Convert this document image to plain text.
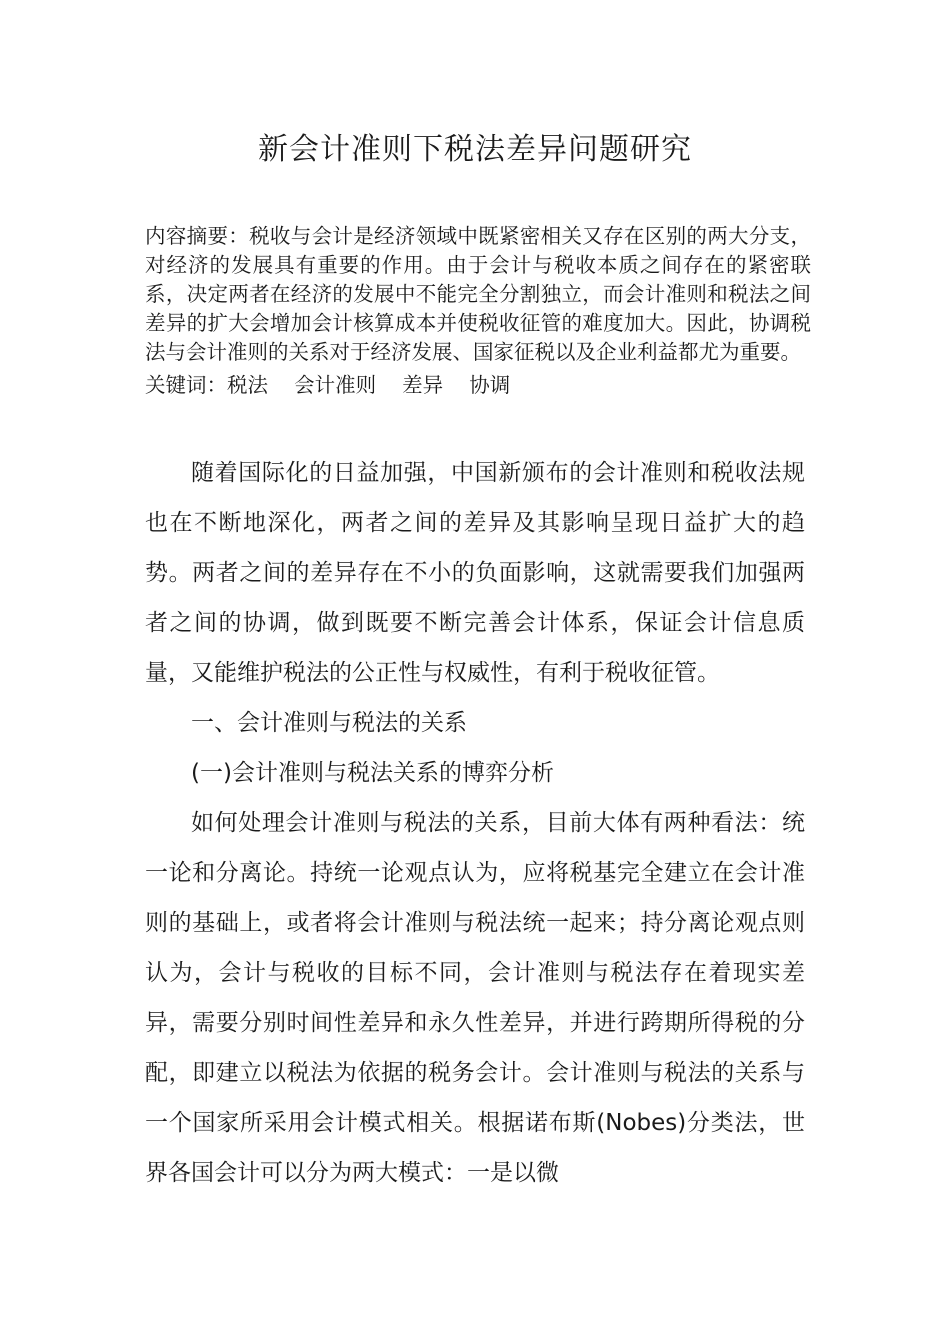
新会计准则下税法差异问题研究

内容摘要：税收与会计是经济领域中既紧密相关又存在区别的两大分支，对经济的发展具有重要的作用。由于会计与税收本质之间存在的紧密联系，决定两者在经济的发展中不能完全分割独立，而会计准则和税法之间差异的扩大会增加会计核算成本并使税收征管的难度加大。因此，协调税法与会计准则的关系对于经济发展、国家征税以及企业利益都尤为重要。

关键词：税法    会计准则    差异    协调

随着国际化的日益加强，中国新颁布的会计准则和税收法规也在不断地深化，两者之间的差异及其影响呈现日益扩大的趋势。两者之间的差异存在不小的负面影响，这就需要我们加强两者之间的协调，做到既要不断完善会计体系，保证会计信息质量，又能维护税法的公正性与权威性，有利于税收征管。

一、会计准则与税法的关系

(一)会计准则与税法关系的博弈分析

如何处理会计准则与税法的关系，目前大体有两种看法：统一论和分离论。持统一论观点认为，应将税基完全建立在会计准则的基础上，或者将会计准则与税法统一起来；持分离论观点则认为，会计与税收的目标不同，会计准则与税法存在着现实差异，需要分别时间性差异和永久性差异，并进行跨期所得税的分配，即建立以税法为依据的税务会计。会计准则与税法的关系与一个国家所采用会计模式相关。根据诺布斯(Nobes)分类法，世界各国会计可以分为两大模式：一是以微
